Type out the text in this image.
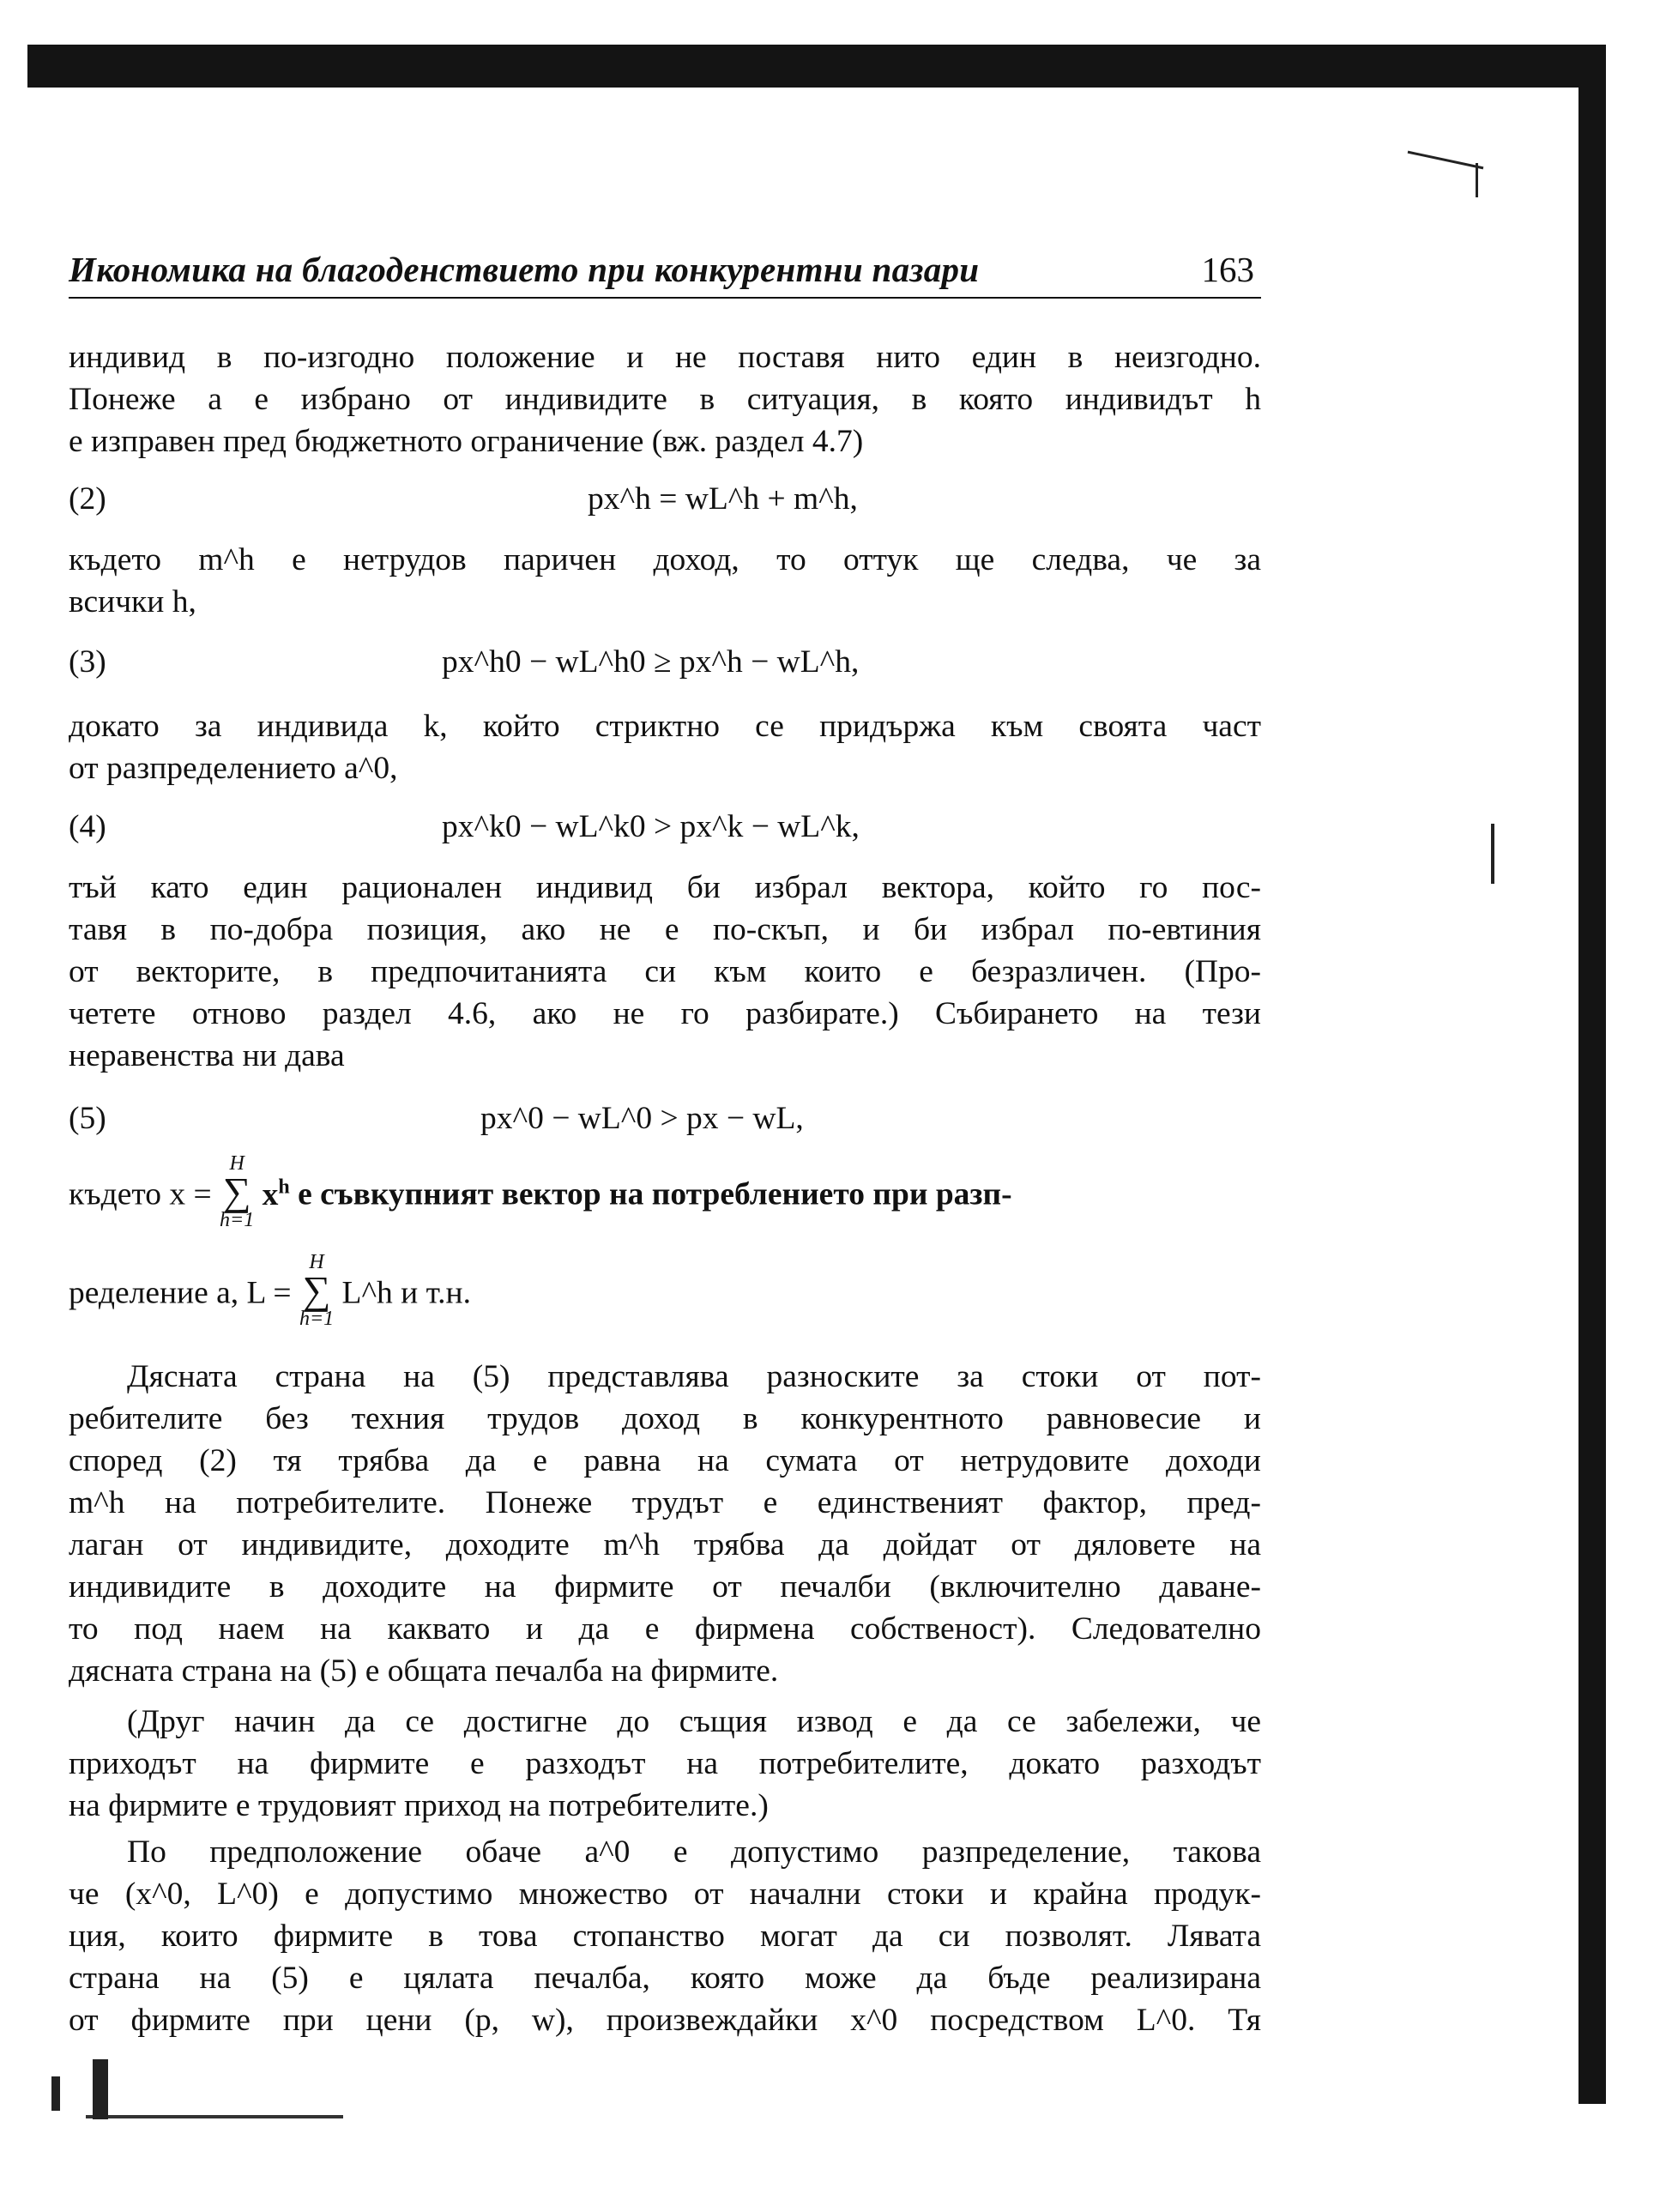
Икономика на благоденствието при конкурентни пазари	163
индивид в по-изгодно положение и не поставя нито един в неизгодно.
Понеже а е избрано от индивидите в ситуация, в която индивидът h
е изправен пред бюджетното ограничение (вж. раздел 4.7)
(2)	px^h = wL^h + m^h,
където m^h е нетрудов паричен доход, то оттук ще следва, че за
всички h,
(3)	px^h0 − wL^h0 ≥ px^h − wL^h,
докато за индивида k, който стриктно се придържа към своята част
от разпределението а^0,
(4)	px^k0 − wL^k0 > px^k − wL^k,
тъй като един рационален индивид би избрал вектора, който го пос-
тавя в по-добра позиция, ако не е по-скъп, и би избрал по-евтиния
от векторите, в предпочитанията си към които е безразличен. (Про-
четете отново раздел 4.6, ако не го разбирате.) Събирането на тези
неравенства ни дава
(5)	px^0 − wL^0 > px − wL,
където x =
H
∑
h=1
$x^h$ e съвкупният вектор на потреблението при разп-
ределение а, L =
H
∑
h=1
L^h и т.н.
Дясната страна на (5) представлява разноските за стоки от пот-
ребителите без техния трудов доход в конкурентното равновесие и
според (2) тя трябва да е равна на сумата от нетрудовите доходи
m^h на потребителите. Понеже трудът е единственият фактор, пред-
лаган от индивидите, доходите m^h трябва да дойдат от дяловете на
индивидите в доходите на фирмите от печалби (включително даване-
то под наем на каквато и да е фирмена собственост). Следователно
дясната страна на (5) е общата печалба на фирмите.
(Друг начин да се достигне до същия извод е да се забележи, че
приходът на фирмите е разходът на потребителите, докато разходът
на фирмите е трудовият приход на потребителите.)
По предположение обаче а^0 е допустимо разпределение, такова
че (x^0, L^0) е допустимо множество от начални стоки и крайна продук-
ция, които фирмите в това стопанство могат да си позволят. Лявата
страна на (5) е цялата печалба, която може да бъде реализирана
от фирмите при цени (p, w), произвеждайки x^0 посредством L^0. Тя
